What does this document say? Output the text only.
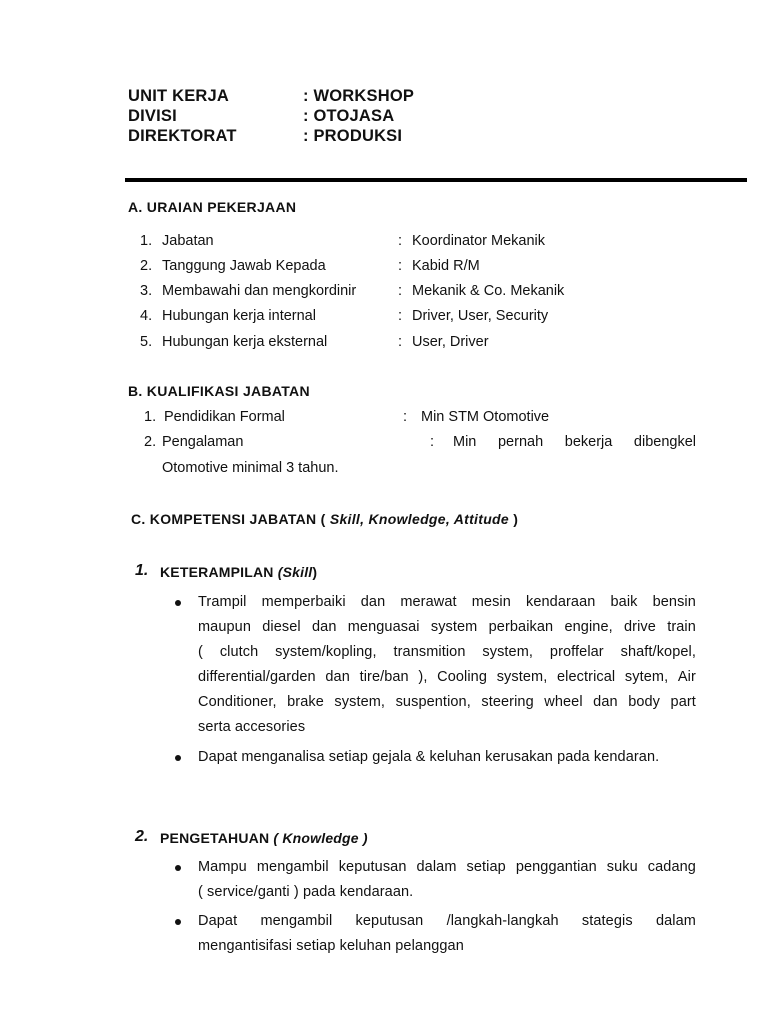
UNIT KERJA	: WORKSHOP
DIVISI	: OTOJASA
DIREKTORAT	: PRODUKSI
A. URAIAN PEKERJAAN
1. Jabatan	: Koordinator Mekanik
2. Tanggung Jawab Kepada	: Kabid R/M
3. Membawahi dan mengkordinir	: Mekanik & Co. Mekanik
4. Hubungan kerja internal	: Driver, User, Security
5. Hubungan kerja eksternal	: User, Driver
B. KUALIFIKASI JABATAN
1. Pendidikan Formal	: Min STM Otomotive
2. Pengalaman	: Min pernah bekerja dibengkel
Otomotive minimal 3 tahun.
C. KOMPETENSI JABATAN ( Skill, Knowledge, Attitude )
1. KETERAMPILAN (Skill)
Trampil memperbaiki dan merawat mesin kendaraan baik bensin
maupun diesel dan menguasai system perbaikan engine, drive train
( clutch system/kopling, transmition system, proffelar shaft/kopel,
differential/garden dan tire/ban ), Cooling system, electrical sytem, Air
Conditioner, brake system, suspention, steering wheel dan body part
serta accesories
Dapat menganalisa setiap gejala & keluhan kerusakan pada kendaran.
2. PENGETAHUAN ( Knowledge )
Mampu mengambil keputusan dalam setiap penggantian suku cadang
( service/ganti ) pada kendaraan.
Dapat mengambil keputusan /langkah-langkah stategis dalam
mengantisifasi setiap keluhan pelanggan
